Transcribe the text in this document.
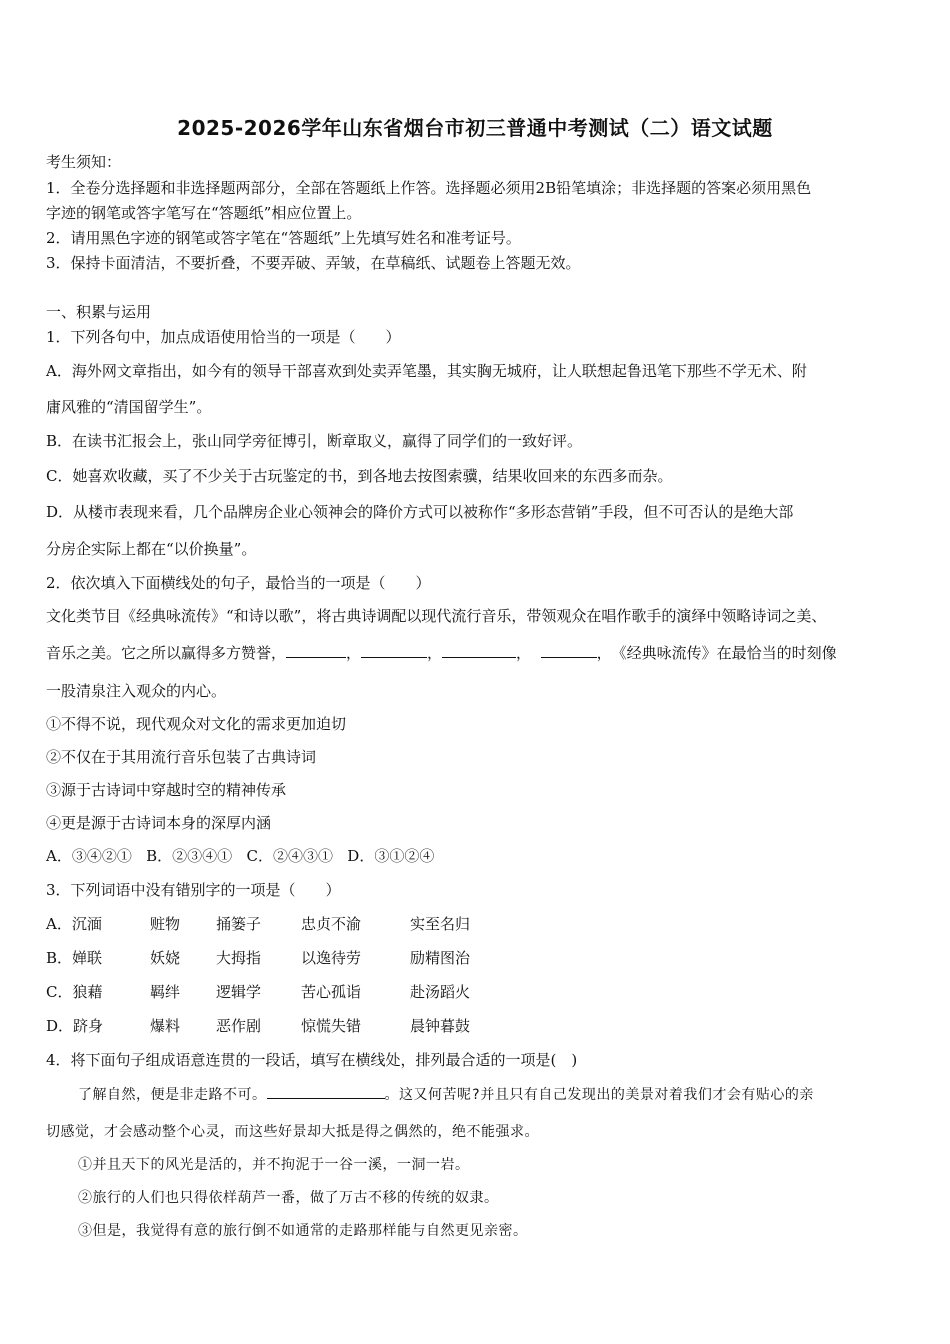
2025-2026学年山东省烟台市初三普通中考测试（二）语文试题
考生须知：
1．全卷分选择题和非选择题两部分，全部在答题纸上作答。选择题必须用2B铅笔填涂；非选择题的答案必须用黑色
字迹的钢笔或答字笔写在“答题纸”相应位置上。
2．请用黑色字迹的钢笔或答字笔在“答题纸”上先填写姓名和准考证号。
3．保持卡面清洁，不要折叠，不要弄破、弄皱，在草稿纸、试题卷上答题无效。
一、积累与运用
1．下列各句中，加点成语使用恰当的一项是（　　）
A．海外网文章指出，如今有的领导干部喜欢到处卖弄笔墨，其实胸无城府，让人联想起鲁迅笔下那些不学无术、附
庸风雅的“清国留学生”。
B．在读书汇报会上，张山同学旁征博引，断章取义，赢得了同学们的一致好评。
C．她喜欢收藏，买了不少关于古玩鉴定的书，到各地去按图索骥，结果收回来的东西多而杂。
D．从楼市表现来看，几个品牌房企业心领神会的降价方式可以被称作“多形态营销”手段，但不可否认的是绝大部
分房企实际上都在“以价换量”。
2．依次填入下面横线处的句子，最恰当的一项是（　　）
文化类节目《经典咏流传》“和诗以歌”，将古典诗调配以现代流行音乐，带领观众在唱作歌手的演绎中领略诗词之美、
音乐之美。它之所以赢得多方赞誉，	，	，	，	，　《经典咏流传》在最恰当的时刻像
一股清泉注入观众的内心。
①不得不说，现代观众对文化的需求更加迫切
②不仅在于其用流行音乐包装了古典诗词
③源于古诗词中穿越时空的精神传承
④更是源于古诗词本身的深厚内涵
A．③④②① B．②③④① C．②④③① D．③①②④
3．下列词语中没有错别字的一项是（　　）
A．沉湎	赃物 捅篓子	忠贞不渝	实至名归
B．婵联	妖娆 大拇指	以逸待劳	励精图治
C．狼藉	羁绊 逻辑学	苦心孤诣	赴汤蹈火
D．跻身	爆料 恶作剧	惊慌失错	晨钟暮鼓
4．将下面句子组成语意连贯的一段话，填写在横线处，排列最合适的一项是(　)
了解自然，便是非走路不可。	。这又何苦呢?并且只有自己发现出的美景对着我们才会有贴心的亲
切感觉，才会感动整个心灵，而这些好景却大抵是得之偶然的，绝不能强求。
①并且天下的风光是活的，并不拘泥于一谷一溪，一洞一岩。
②旅行的人们也只得依样葫芦一番，做了万古不移的传统的奴隶。
③但是，我觉得有意的旅行倒不如通常的走路那样能与自然更见亲密。
